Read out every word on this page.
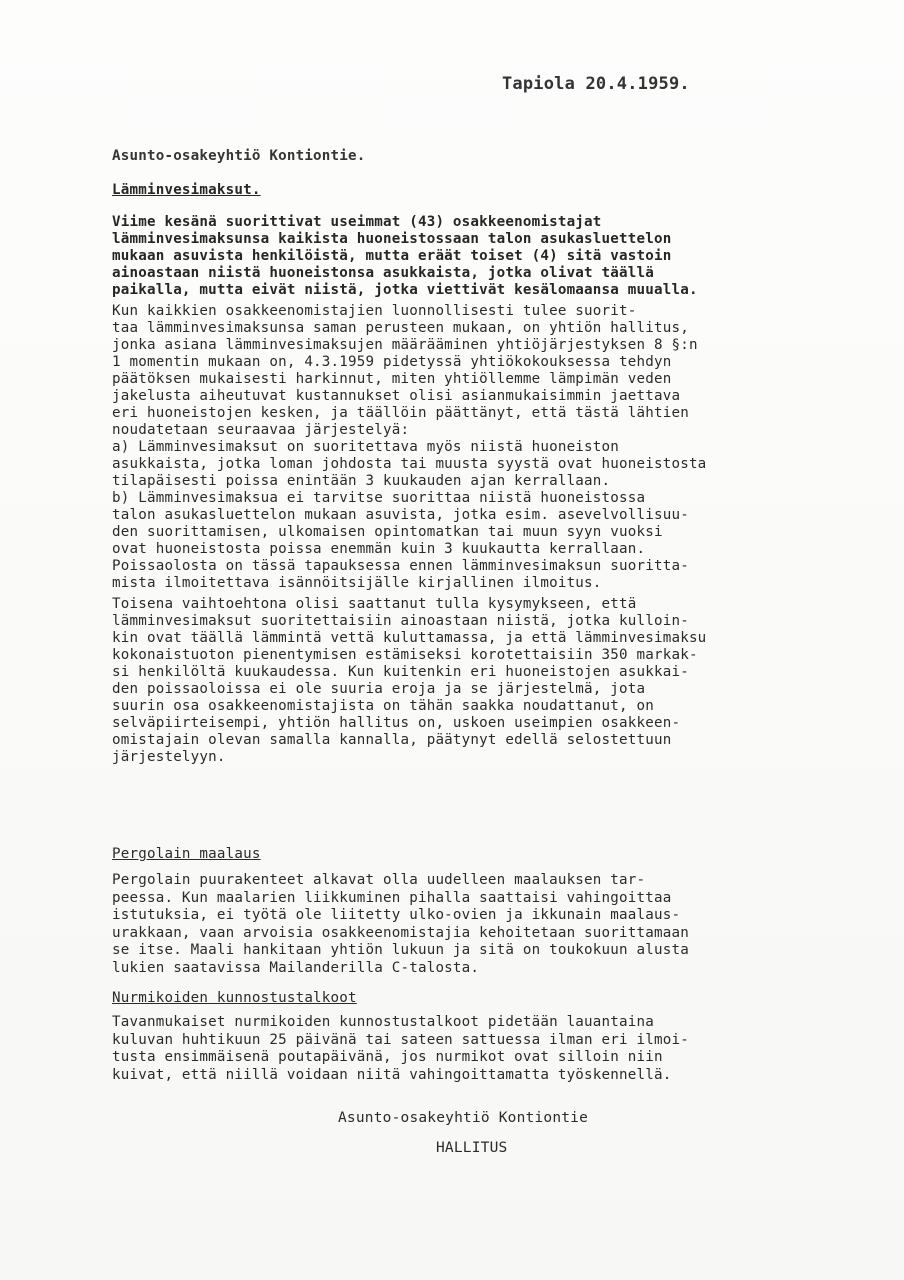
Tapiola 20.4.1959.
Asunto-osakeyhtiö Kontiontie.
Lämminvesimaksut.
Viime kesänä suorittivat useimmat (43) osakkeenomistajat
lämminvesimaksunsa kaikista huoneistossaan talon asukasluettelon
mukaan asuvista henkilöistä, mutta eräät toiset (4) sitä vastoin
ainoastaan niistä huoneistonsa asukkaista, jotka olivat täällä
paikalla, mutta eivät niistä, jotka viettivät kesälomaansa muualla.
Kun kaikkien osakkeenomistajien luonnollisesti tulee suorit-
taa lämminvesimaksunsa saman perusteen mukaan, on yhtiön hallitus,
jonka asiana lämminvesimaksujen määrääminen yhtiöjärjestyksen 8 §:n
1 momentin mukaan on, 4.3.1959 pidetyssä yhtiökokouksessa tehdyn
päätöksen mukaisesti harkinnut, miten yhtiöllemme lämpimän veden
jakelusta aiheutuvat kustannukset olisi asianmukaisimmin jaettava
eri huoneistojen kesken, ja täällöin päättänyt, että tästä lähtien
noudatetaan seuraavaa järjestelyä:
a) Lämminvesimaksut on suoritettava myös niistä huoneiston
asukkaista, jotka loman johdosta tai muusta syystä ovat huoneistosta
tilapäisesti poissa enintään 3 kuukauden ajan kerrallaan.
b) Lämminvesimaksua ei tarvitse suorittaa niistä huoneistossa
talon asukasluettelon mukaan asuvista, jotka esim. asevelvollisuu-
den suorittamisen, ulkomaisen opintomatkan tai muun syyn vuoksi
ovat huoneistosta poissa enemmän kuin 3 kuukautta kerrallaan.
Poissaolosta on tässä tapauksessa ennen lämminvesimaksun suoritta-
mista ilmoitettava isännöitsijälle kirjallinen ilmoitus.
Toisena vaihtoehtona olisi saattanut tulla kysymykseen, että
lämminvesimaksut suoritettaisiin ainoastaan niistä, jotka kulloin-
kin ovat täällä lämmintä vettä kuluttamassa, ja että lämminvesimaksu
kokonaistuoton pienentymisen estämiseksi korotettaisiin 350 markak-
si henkilöltä kuukaudessa. Kun kuitenkin eri huoneistojen asukkai-
den poissaoloissa ei ole suuria eroja ja se järjestelmä, jota
suurin osa osakkeenomistajista on tähän saakka noudattanut, on
selväpiirteisempi, yhtiön hallitus on, uskoen useimpien osakkeen-
omistajain olevan samalla kannalla, päätynyt edellä selostettuun
järjestelyyn.
Pergolain maalaus
Pergolain puurakenteet alkavat olla uudelleen maalauksen tar-
peessa. Kun maalarien liikkuminen pihalla saattaisi vahingoittaa
istutuksia, ei työtä ole liitetty ulko-ovien ja ikkunain maalaus-
urakkaan, vaan arvoisia osakkeenomistajia kehoitetaan suorittamaan
se itse. Maali hankitaan yhtiön lukuun ja sitä on toukokuun alusta
lukien saatavissa Mailanderilla C-talosta.
Nurmikoiden kunnostustalkoot
Tavanmukaiset nurmikoiden kunnostustalkoot pidetään lauantaina
kuluvan huhtikuun 25 päivänä tai sateen sattuessa ilman eri ilmoi-
tusta ensimmäisenä poutapäivänä, jos nurmikot ovat silloin niin
kuivat, että niillä voidaan niitä vahingoittamatta työskennellä.
Asunto-osakeyhtiö Kontiontie
HALLITUS
